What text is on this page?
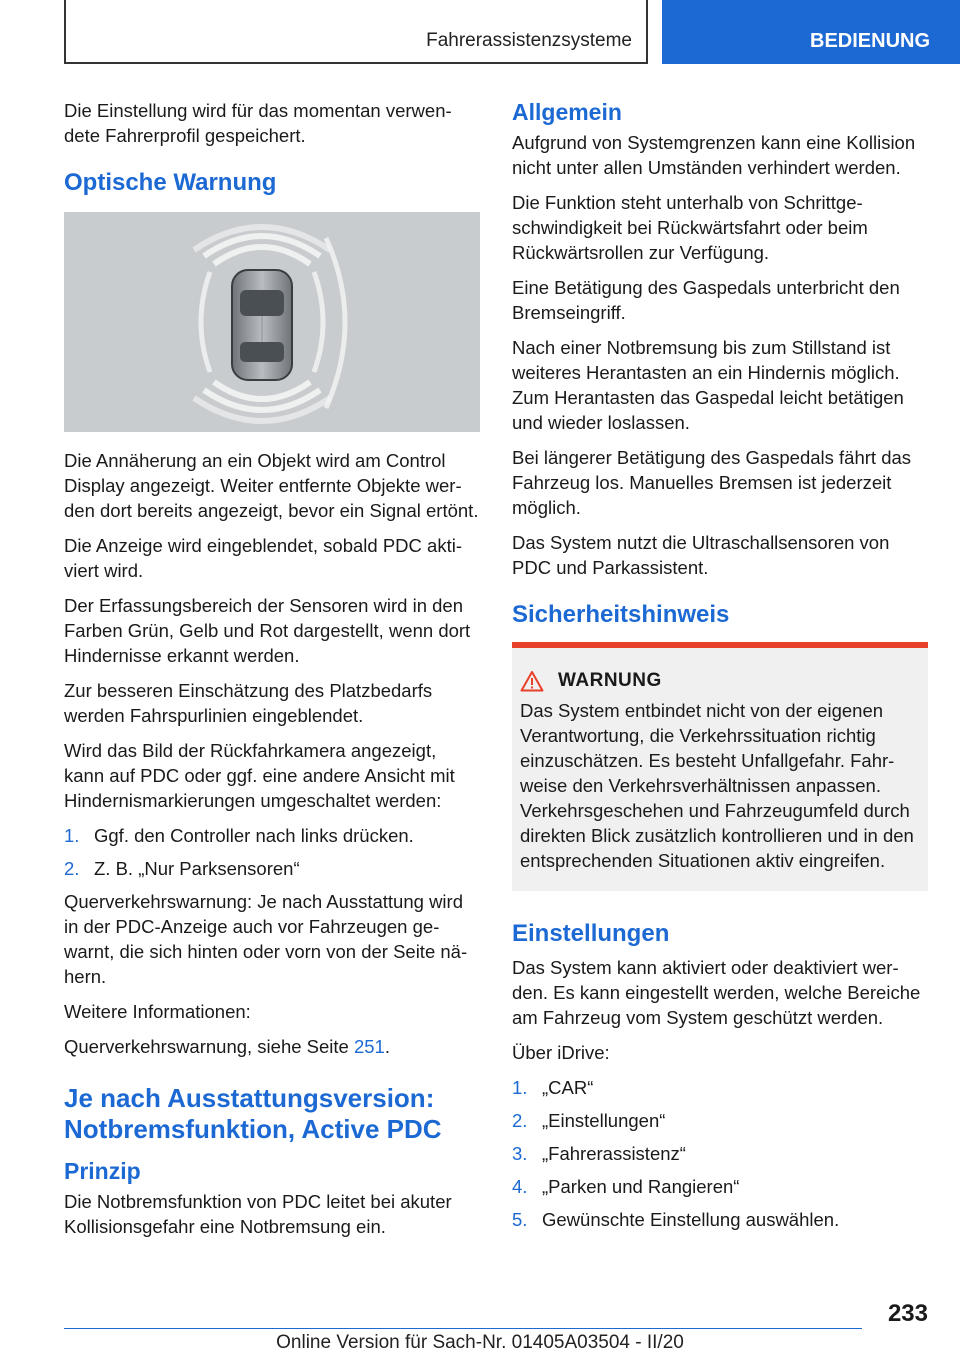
Fahrerassistenzsysteme	BEDIENUNG

Die Einstellung wird für das momentan verwendete Fahrerprofil gespeichert.

Optische Warnung

Die Annäherung an ein Objekt wird am Control Display angezeigt. Weiter entfernte Objekte werden dort bereits angezeigt, bevor ein Signal ertönt.

Die Anzeige wird eingeblendet, sobald PDC aktiviert wird.

Der Erfassungsbereich der Sensoren wird in den Farben Grün, Gelb und Rot dargestellt, wenn dort Hindernisse erkannt werden.

Zur besseren Einschätzung des Platzbedarfs werden Fahrspurlinien eingeblendet.

Wird das Bild der Rückfahrkamera angezeigt, kann auf PDC oder ggf. eine andere Ansicht mit Hindernismarkierungen umgeschaltet werden:

1. Ggf. den Controller nach links drücken.
2. Z. B. „Nur Parksensoren“

Querverkehrswarnung: Je nach Ausstattung wird in der PDC-Anzeige auch vor Fahrzeugen gewarnt, die sich hinten oder vorn von der Seite nähern.

Weitere Informationen:

Querverkehrswarnung, siehe Seite 251.

Je nach Ausstattungsversion: Notbremsfunktion, Active PDC
Prinzip

Die Notbremsfunktion von PDC leitet bei akuter Kollisionsgefahr eine Notbremsung ein.

Allgemein

Aufgrund von Systemgrenzen kann eine Kollision nicht unter allen Umständen verhindert werden.

Die Funktion steht unterhalb von Schrittgeschwindigkeit bei Rückwärtsfahrt oder beim Rückwärtsrollen zur Verfügung.

Eine Betätigung des Gaspedals unterbricht den Bremseingriff.

Nach einer Notbremsung bis zum Stillstand ist weiteres Herantasten an ein Hindernis möglich. Zum Herantasten das Gaspedal leicht betätigen und wieder loslassen.

Bei längerer Betätigung des Gaspedals fährt das Fahrzeug los. Manuelles Bremsen ist jederzeit möglich.

Das System nutzt die Ultraschallsensoren von PDC und Parkassistent.

Sicherheitshinweis
WARNUNG

Das System entbindet nicht von der eigenen Verantwortung, die Verkehrssituation richtig einzuschätzen. Es besteht Unfallgefahr. Fahrweise den Verkehrsverhältnissen anpassen. Verkehrsgeschehen und Fahrzeugumfeld durch direkten Blick zusätzlich kontrollieren und in den entsprechenden Situationen aktiv eingreifen.

Einstellungen

Das System kann aktiviert oder deaktiviert werden. Es kann eingestellt werden, welche Bereiche am Fahrzeug vom System geschützt werden.

Über iDrive:

1. „CAR“
2. „Einstellungen“
3. „Fahrerassistenz“
4. „Parken und Rangieren“
5. Gewünschte Einstellung auswählen.
233
Online Version für Sach-Nr. 01405A03504 - II/20
